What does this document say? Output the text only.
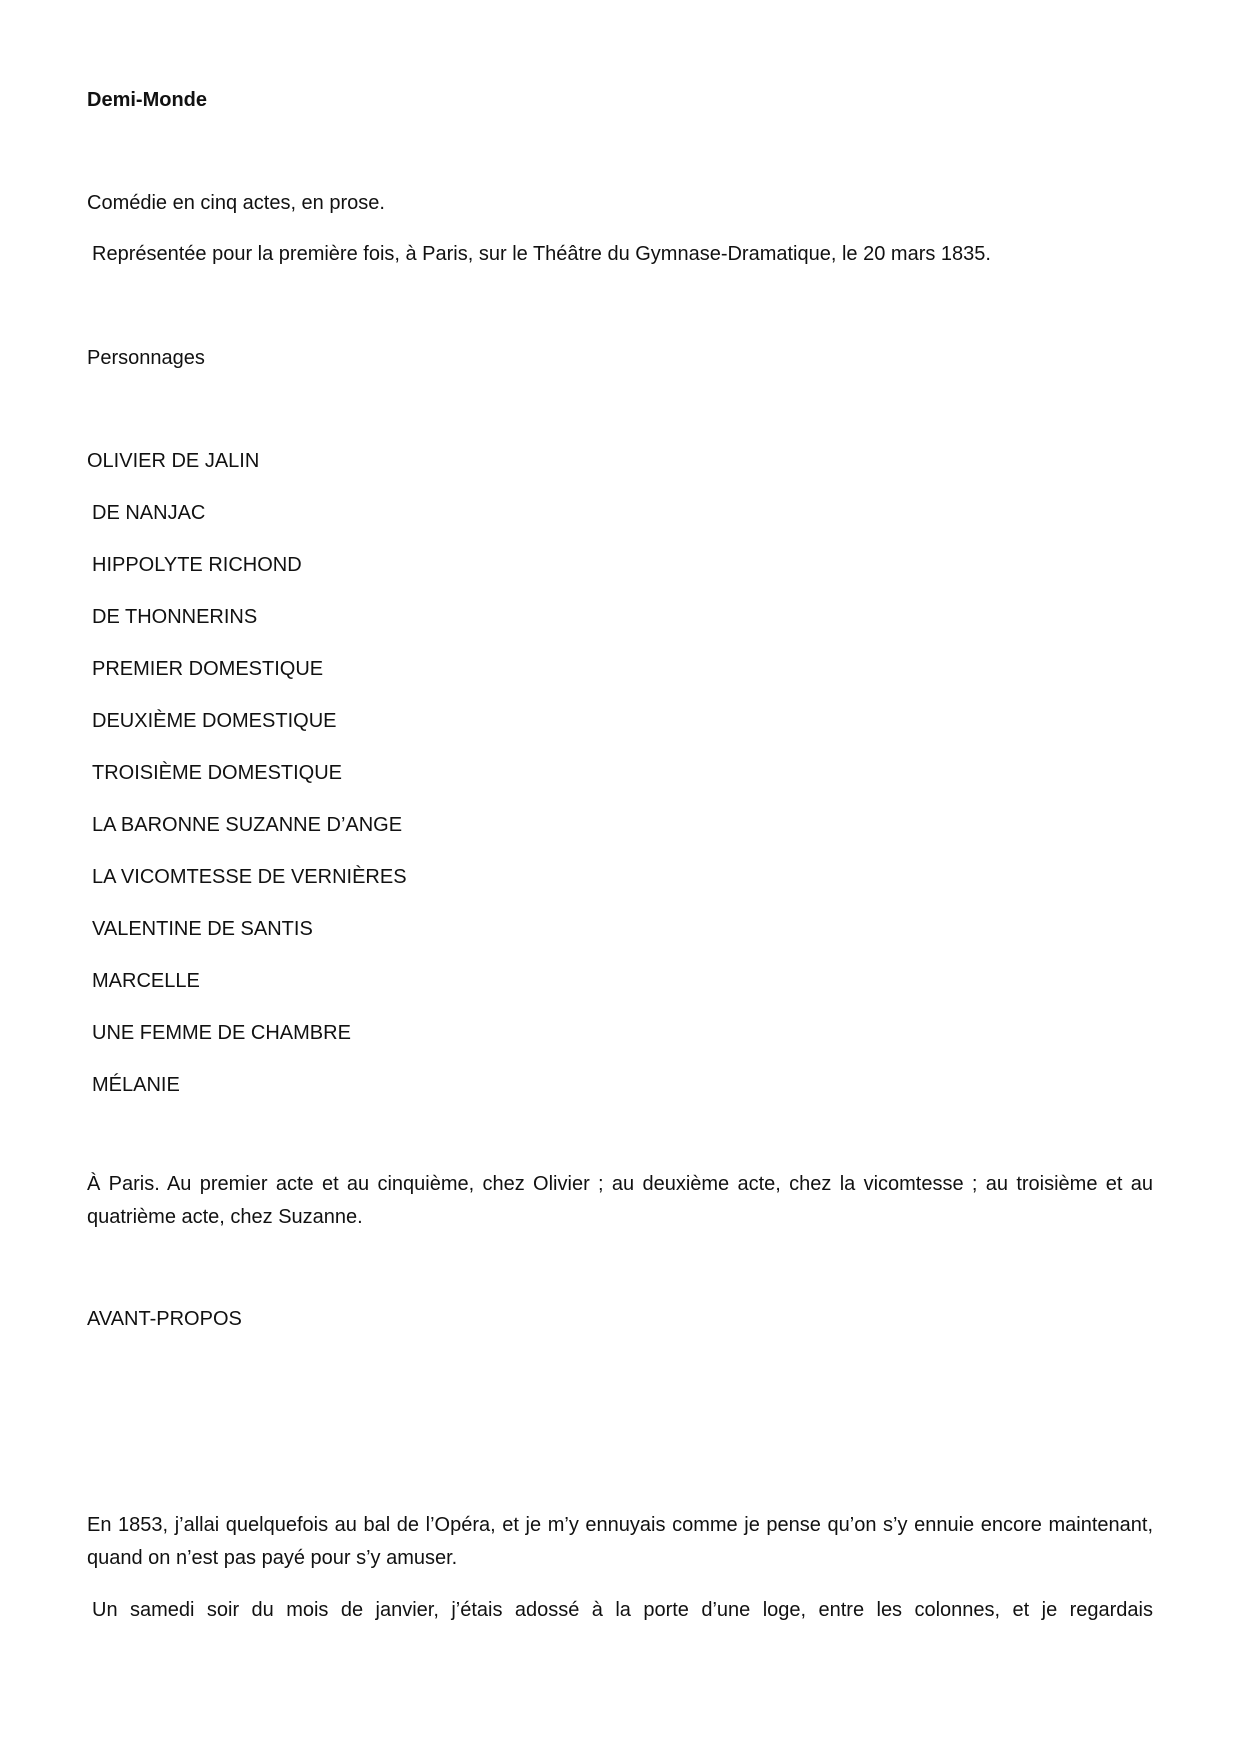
Demi-Monde
Comédie en cinq actes, en prose.
Représentée pour la première fois, à Paris, sur le Théâtre du Gymnase-Dramatique, le 20 mars 1835.
Personnages
OLIVIER DE JALIN
DE NANJAC
HIPPOLYTE RICHOND
DE THONNERINS
PREMIER DOMESTIQUE
DEUXIÈME DOMESTIQUE
TROISIÈME DOMESTIQUE
LA BARONNE SUZANNE D’ANGE
LA VICOMTESSE DE VERNIÈRES
VALENTINE DE SANTIS
MARCELLE
UNE FEMME DE CHAMBRE
MÉLANIE
À Paris. Au premier acte et au cinquième, chez Olivier ; au deuxième acte, chez la vicomtesse ; au troisième et au quatrième acte, chez Suzanne.
AVANT-PROPOS
En 1853, j’allai quelquefois au bal de l’Opéra, et je m’y ennuyais comme je pense qu’on s’y ennuie encore maintenant, quand on n’est pas payé pour s’y amuser.
Un samedi soir du mois de janvier, j’étais adossé à la porte d’une loge, entre les colonnes, et je regardais
